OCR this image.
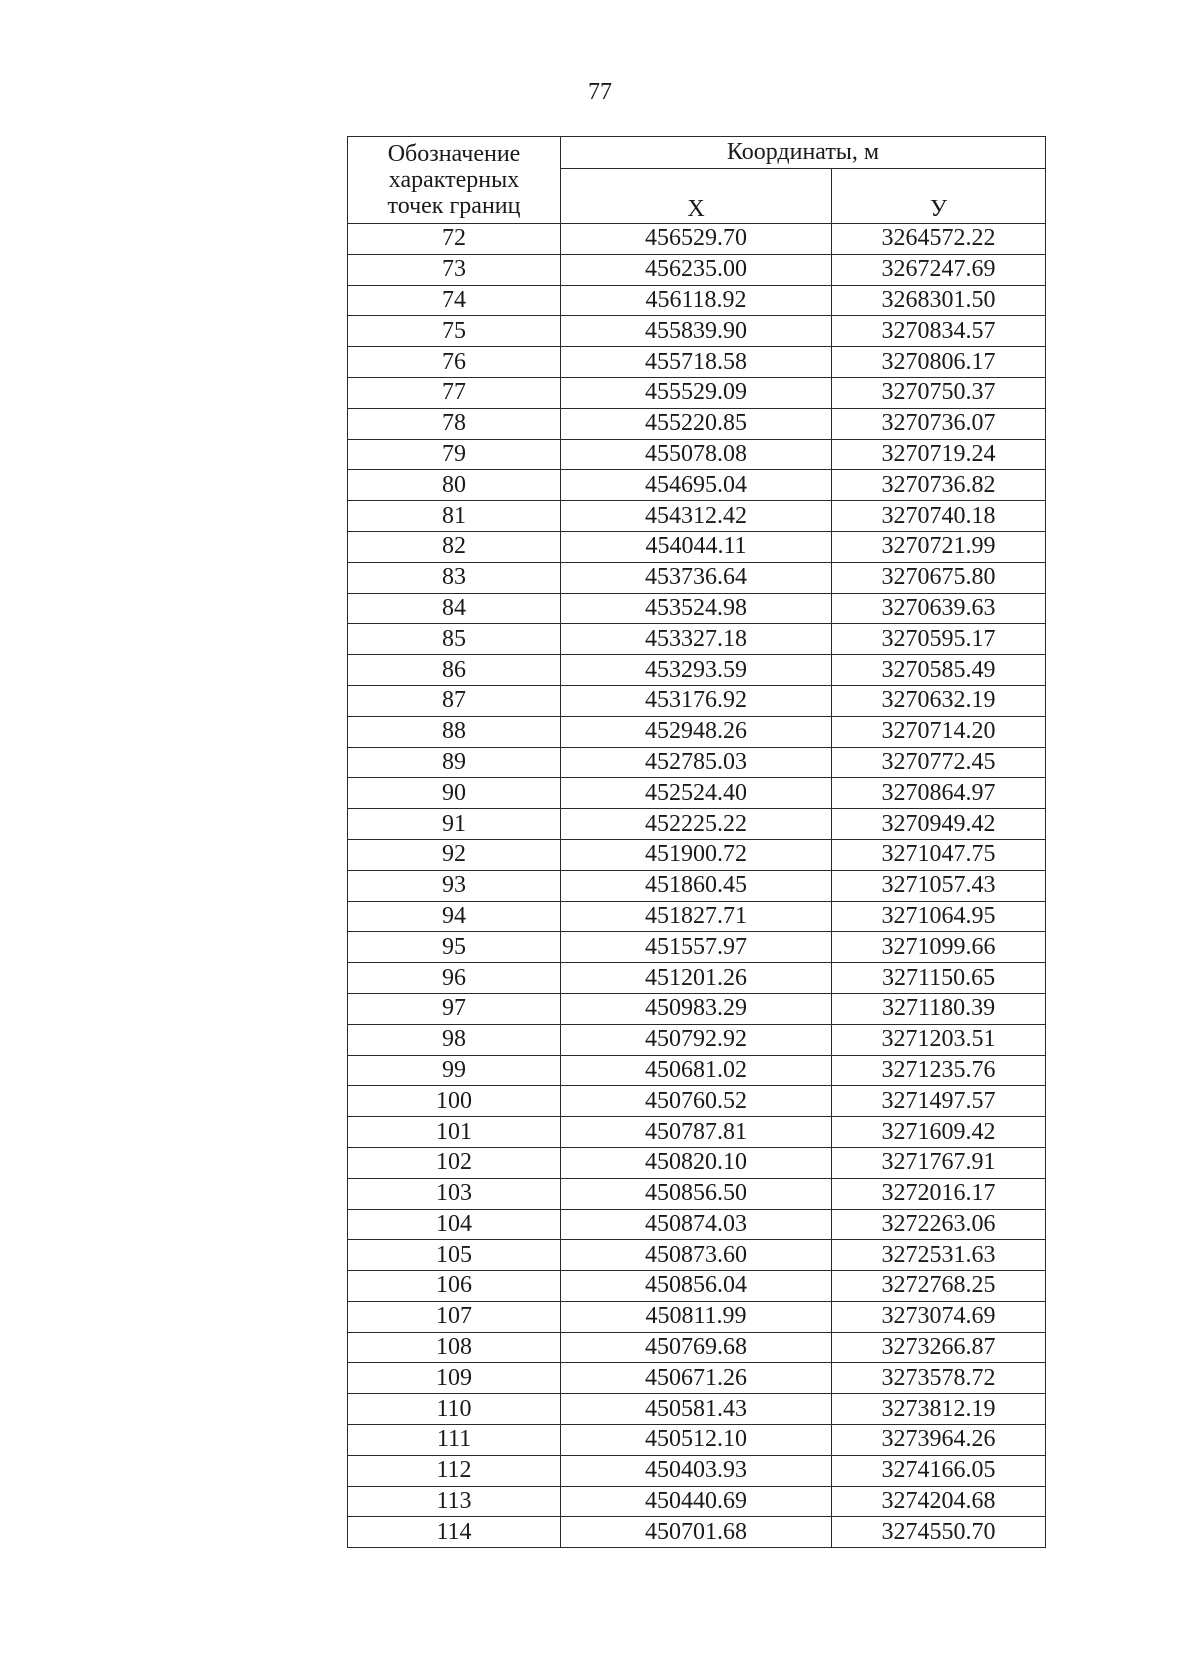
77
Обозначение
характерных
точек границ	Координаты, м	
	X	У
72	456529.70	3264572.22
73	456235.00	3267247.69
74	456118.92	3268301.50
75	455839.90	3270834.57
76	455718.58	3270806.17
77	455529.09	3270750.37
78	455220.85	3270736.07
79	455078.08	3270719.24
80	454695.04	3270736.82
81	454312.42	3270740.18
82	454044.11	3270721.99
83	453736.64	3270675.80
84	453524.98	3270639.63
85	453327.18	3270595.17
86	453293.59	3270585.49
87	453176.92	3270632.19
88	452948.26	3270714.20
89	452785.03	3270772.45
90	452524.40	3270864.97
91	452225.22	3270949.42
92	451900.72	3271047.75
93	451860.45	3271057.43
94	451827.71	3271064.95
95	451557.97	3271099.66
96	451201.26	3271150.65
97	450983.29	3271180.39
98	450792.92	3271203.51
99	450681.02	3271235.76
100	450760.52	3271497.57
101	450787.81	3271609.42
102	450820.10	3271767.91
103	450856.50	3272016.17
104	450874.03	3272263.06
105	450873.60	3272531.63
106	450856.04	3272768.25
107	450811.99	3273074.69
108	450769.68	3273266.87
109	450671.26	3273578.72
110	450581.43	3273812.19
111	450512.10	3273964.26
112	450403.93	3274166.05
113	450440.69	3274204.68
114	450701.68	3274550.70
